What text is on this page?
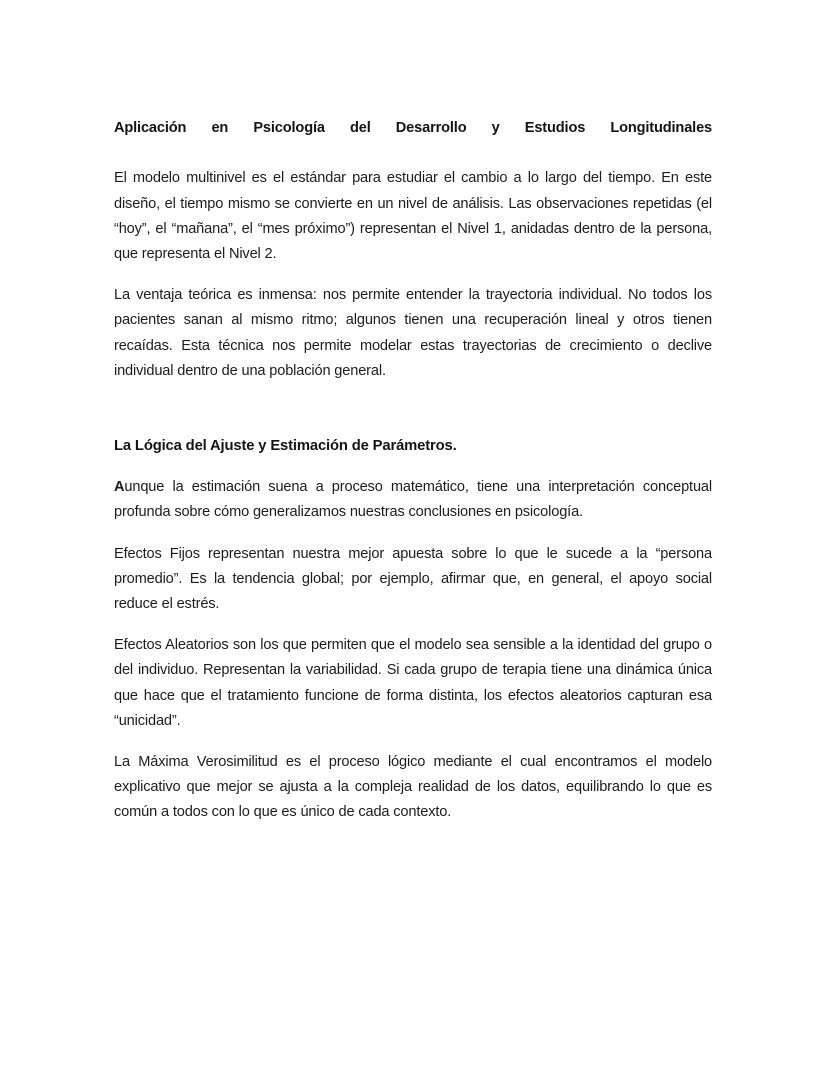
Aplicación en Psicología del Desarrollo y Estudios Longitudinales

El modelo multinivel es el estándar para estudiar el cambio a lo largo del tiempo. En este diseño, el tiempo mismo se convierte en un nivel de análisis. Las observaciones repetidas (el “hoy”, el “mañana”, el “mes próximo”) representan el Nivel 1, anidadas dentro de la persona, que representa el Nivel 2.

La ventaja teórica es inmensa: nos permite entender la trayectoria individual. No todos los pacientes sanan al mismo ritmo; algunos tienen una recuperación lineal y otros tienen recaídas. Esta técnica nos permite modelar estas trayectorias de crecimiento o declive individual dentro de una población general.

La Lógica del Ajuste y Estimación de Parámetros.

Aunque la estimación suena a proceso matemático, tiene una interpretación conceptual profunda sobre cómo generalizamos nuestras conclusiones en psicología.

Efectos Fijos representan nuestra mejor apuesta sobre lo que le sucede a la “persona promedio”. Es la tendencia global; por ejemplo, afirmar que, en general, el apoyo social reduce el estrés.

Efectos Aleatorios son los que permiten que el modelo sea sensible a la identidad del grupo o del individuo. Representan la variabilidad. Si cada grupo de terapia tiene una dinámica única que hace que el tratamiento funcione de forma distinta, los efectos aleatorios capturan esa “unicidad”.

La Máxima Verosimilitud es el proceso lógico mediante el cual encontramos el modelo explicativo que mejor se ajusta a la compleja realidad de los datos, equilibrando lo que es común a todos con lo que es único de cada contexto.
